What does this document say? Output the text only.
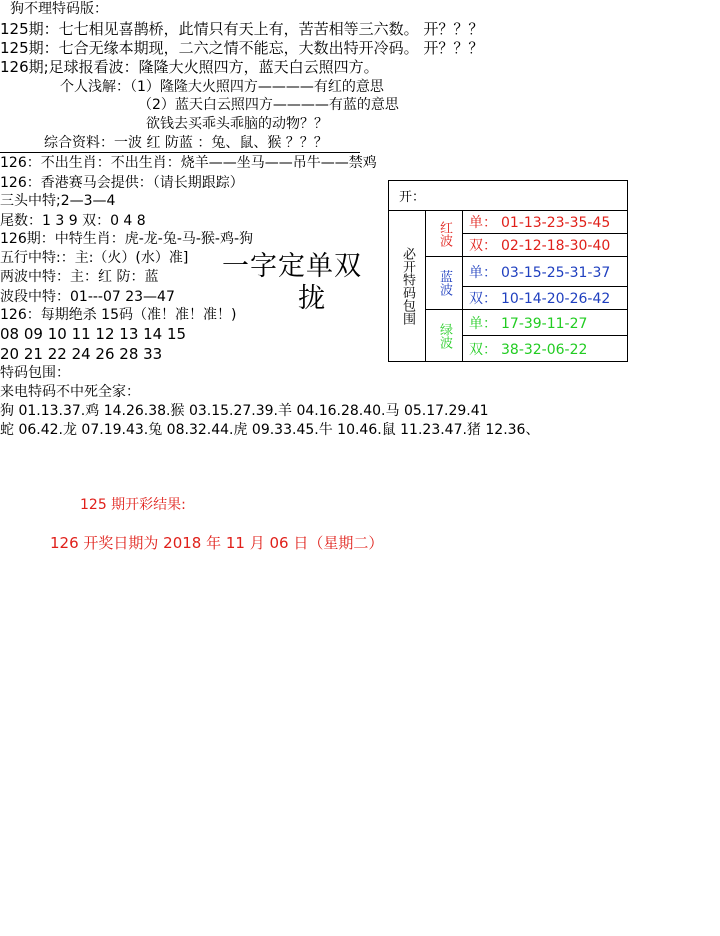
狗不理特码版：
125期：七七相见喜鹊桥，此情只有天上有，苦苦相等三六数。 开？？？
125期：七合无缘本期现，二六之情不能忘，大数出特开冷码。 开？？？
126期;足球报看波：隆隆大火照四方，蓝天白云照四方。
个人浅解：（1）隆隆大火照四方————有红的意思
（2）蓝天白云照四方————有蓝的意思
欲钱去买乖头乖脑的动物？？
综合资料：一波 红 防蓝 ：兔、鼠、猴 ？？？
126：不出生肖：不出生肖：烧羊——坐马——吊牛——禁鸡
126：香港赛马会提供：（请长期跟踪）
三头中特;2—3—4
尾数：1 3 9 双：0 4 8
126期：中特生肖：虎-龙-兔-马-猴-鸡-狗
五行中特:：主:（火）(水）准]
两波中特：主：红 防：蓝
波段中特：01---07 23—47
126：每期绝杀 15码（准！准！准！)
08 09 10 11 12 13 14 15
20 21 22 24 26 28 33
特码包围：
来电特码不中死全家：
狗 01.13.37.鸡 14.26.38.猴 03.15.27.39.羊 04.16.28.40.马 05.17.29.41
蛇 06.42.龙 07.19.43.兔 08.32.44.虎 09.33.45.牛 10.46.鼠 11.23.47.猪 12.36、
一字定单双
拢
开：		
必开特码包围	红波	单： 01-13-23-35-45
		双： 02-12-18-30-40
	蓝波	单： 03-15-25-31-37
		双： 10-14-20-26-42
	绿波	单： 17-39-11-27
		双： 38-32-06-22
125 期开彩结果:
126 开奖日期为 2018 年 11 月 06 日（星期二）
